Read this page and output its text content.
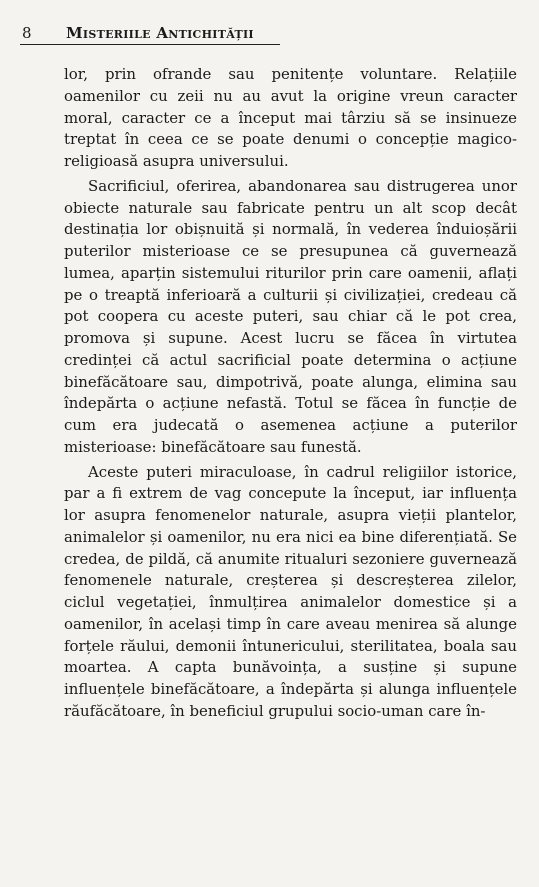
8 Misteriile Antichității

lor, prin ofrande sau penitențe voluntare. Relațiile oamenilor cu zeii nu au avut la origine vreun caracter moral, caracter ce a început mai târziu să se insinueze treptat în ceea ce se poate denumi o concepție magico-religioasă asupra universului.

Sacrificiul, oferirea, abandonarea sau distrugerea unor obiecte naturale sau fabricate pentru un alt scop decât destinația lor obișnuită și normală, în vederea înduioșării puterilor misterioase ce se presupunea că guvernează lumea, aparțin sistemului riturilor prin care oamenii, aflați pe o treaptă inferioară a culturii și civilizației, credeau că pot coopera cu aceste puteri, sau chiar că le pot crea, promova și supune. Acest lucru se făcea în virtutea credinței că actul sacrificial poate determina o acțiune binefăcătoare sau, dimpotrivă, poate alunga, elimina sau îndepărta o acțiune nefastă. Totul se făcea în funcție de cum era judecată o asemenea acțiune a puterilor misterioase: binefăcătoare sau funestă.

Aceste puteri miraculoase, în cadrul religiilor istorice, par a fi extrem de vag concepute la început, iar influența lor asupra fenomenelor naturale, asupra vieții plantelor, animalelor și oamenilor, nu era nici ea bine diferențiată. Se credea, de pildă, că anumite ritualuri sezoniere guvernează fenomenele naturale, creșterea și descreșterea zilelor, ciclul vegetației, înmulțirea animalelor domestice și a oamenilor, în același timp în care aveau menirea să alunge forțele răului, demonii întunericului, sterilitatea, boala sau moartea. A capta bunăvoința, a susține și supune influențele binefăcătoare, a îndepărta și alunga influențele răufăcătoare, în beneficiul grupului socio-uman care în-
